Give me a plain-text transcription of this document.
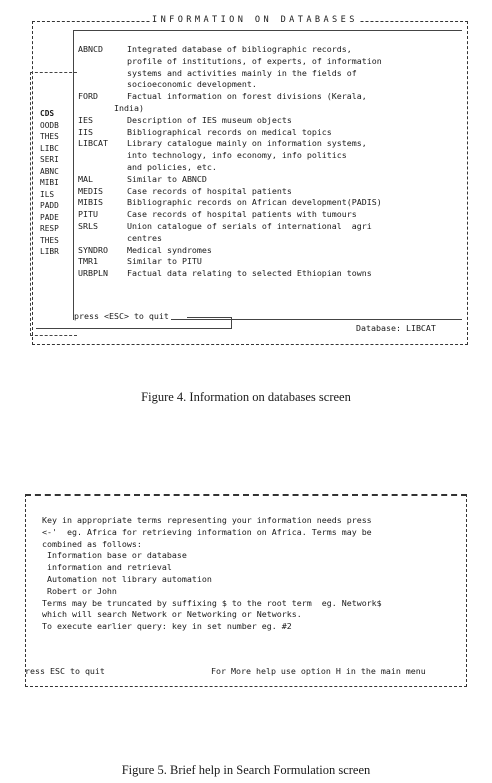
INFORMATION ON DATABASES
CDS
OODB
THES
LIBC
SERI
ABNC
MIBI
ILS
PADD
PADE
RESP
THES
LIBR
ABNCD	Integrated database of bibliographic records,
profile of institutions, of experts, of information
systems and activities mainly in the fields of
socioeconomic development.
FORD	Factual information on forest divisions (Kerala,
India)
IES	Description of IES museum objects
IIS	Bibliographical records on medical topics
LIBCAT	Library catalogue mainly on information systems,
into technology, info economy, info politics
and policies, etc.
MAL	Similar to ABNCD
MEDIS	Case records of hospital patients
MIBIS	Bibliographic records on African development(PADIS)
PITU	Case records of hospital patients with tumours
SRLS	Union catalogue of serials of international  agri
centres
SYNDRO	Medical syndromes
TMR1	Similar to PITU
URBPLN	Factual data relating to selected Ethiopian towns
press <ESC> to quit
Database: LIBCAT
Figure 4. Information on databases screen
Key in appropriate terms representing your information needs press
<-'  eg. Africa for retrieving information on Africa. Terms may be
combined as follows:
Information base or database
information and retrieval
Automation not library automation
Robert or John
Terms may be truncated by suffixing $ to the root term  eg. Network$
which will search Network or Networking or Networks.
To execute earlier query: key in set number eg. #2
ress ESC to quit	For More help use option H in the main menu
Figure 5. Brief help in Search Formulation screen
